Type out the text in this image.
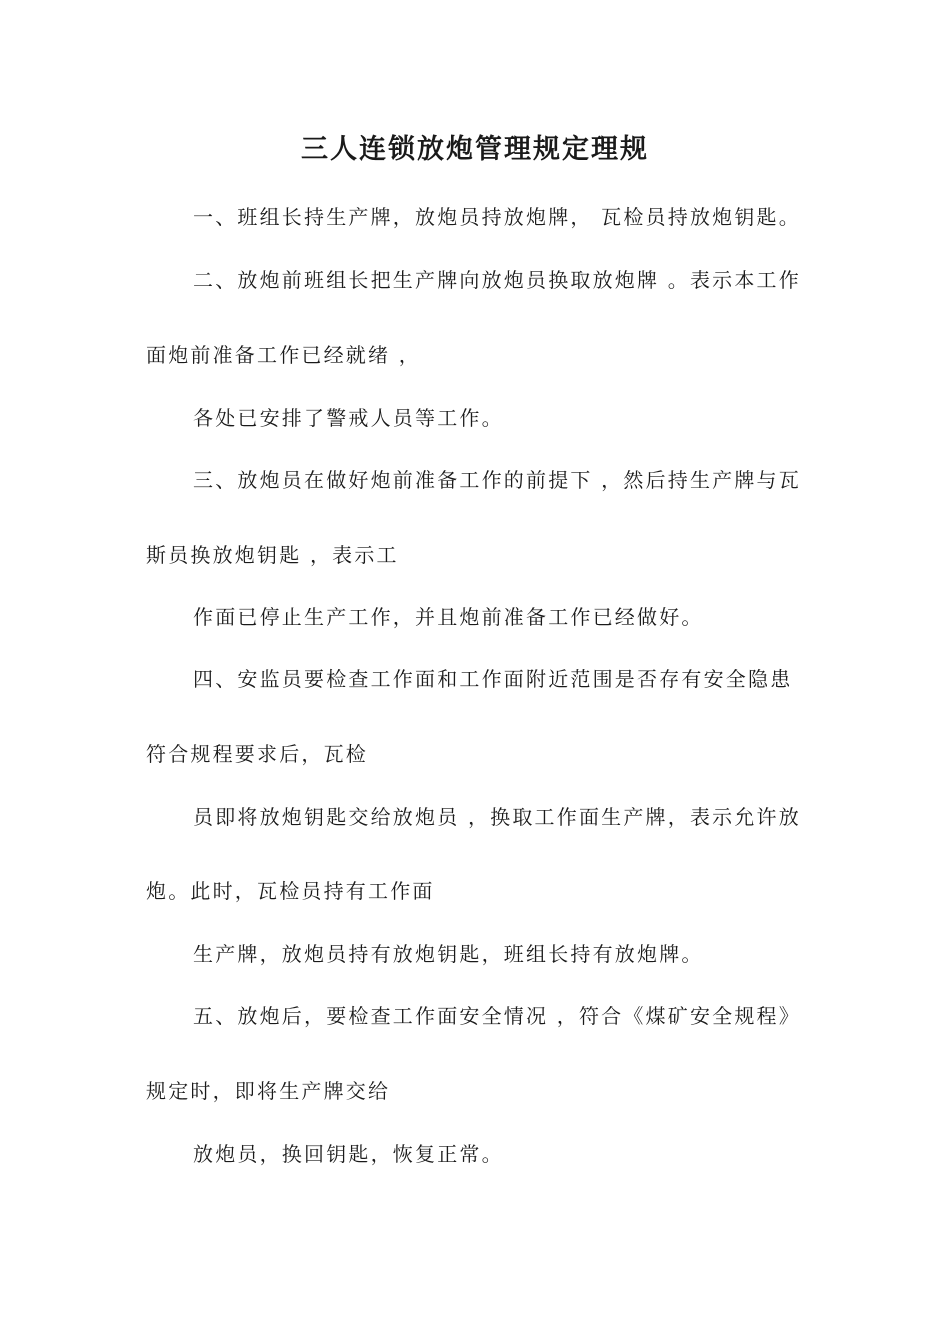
三人连锁放炮管理规定理规
一、班组长持生产牌，放炮员持放炮牌， 瓦检员持放炮钥匙。
二、放炮前班组长把生产牌向放炮员换取放炮牌 。表示本工作
面炮前准备工作已经就绪 ，
各处已安排了警戒人员等工作。
三、放炮员在做好炮前准备工作的前提下 ，然后持生产牌与瓦
斯员换放炮钥匙 ，表示工
作面已停止生产工作，并且炮前准备工作已经做好。
四、安监员要检查工作面和工作面附近范围是否存有安全隐患
符合规程要求后，瓦检
员即将放炮钥匙交给放炮员 ，换取工作面生产牌，表示允许放
炮。此时，瓦检员持有工作面
生产牌，放炮员持有放炮钥匙，班组长持有放炮牌。
五、放炮后，要检查工作面安全情况 ，符合《煤矿安全规程》
规定时，即将生产牌交给
放炮员，换回钥匙，恢复正常。
